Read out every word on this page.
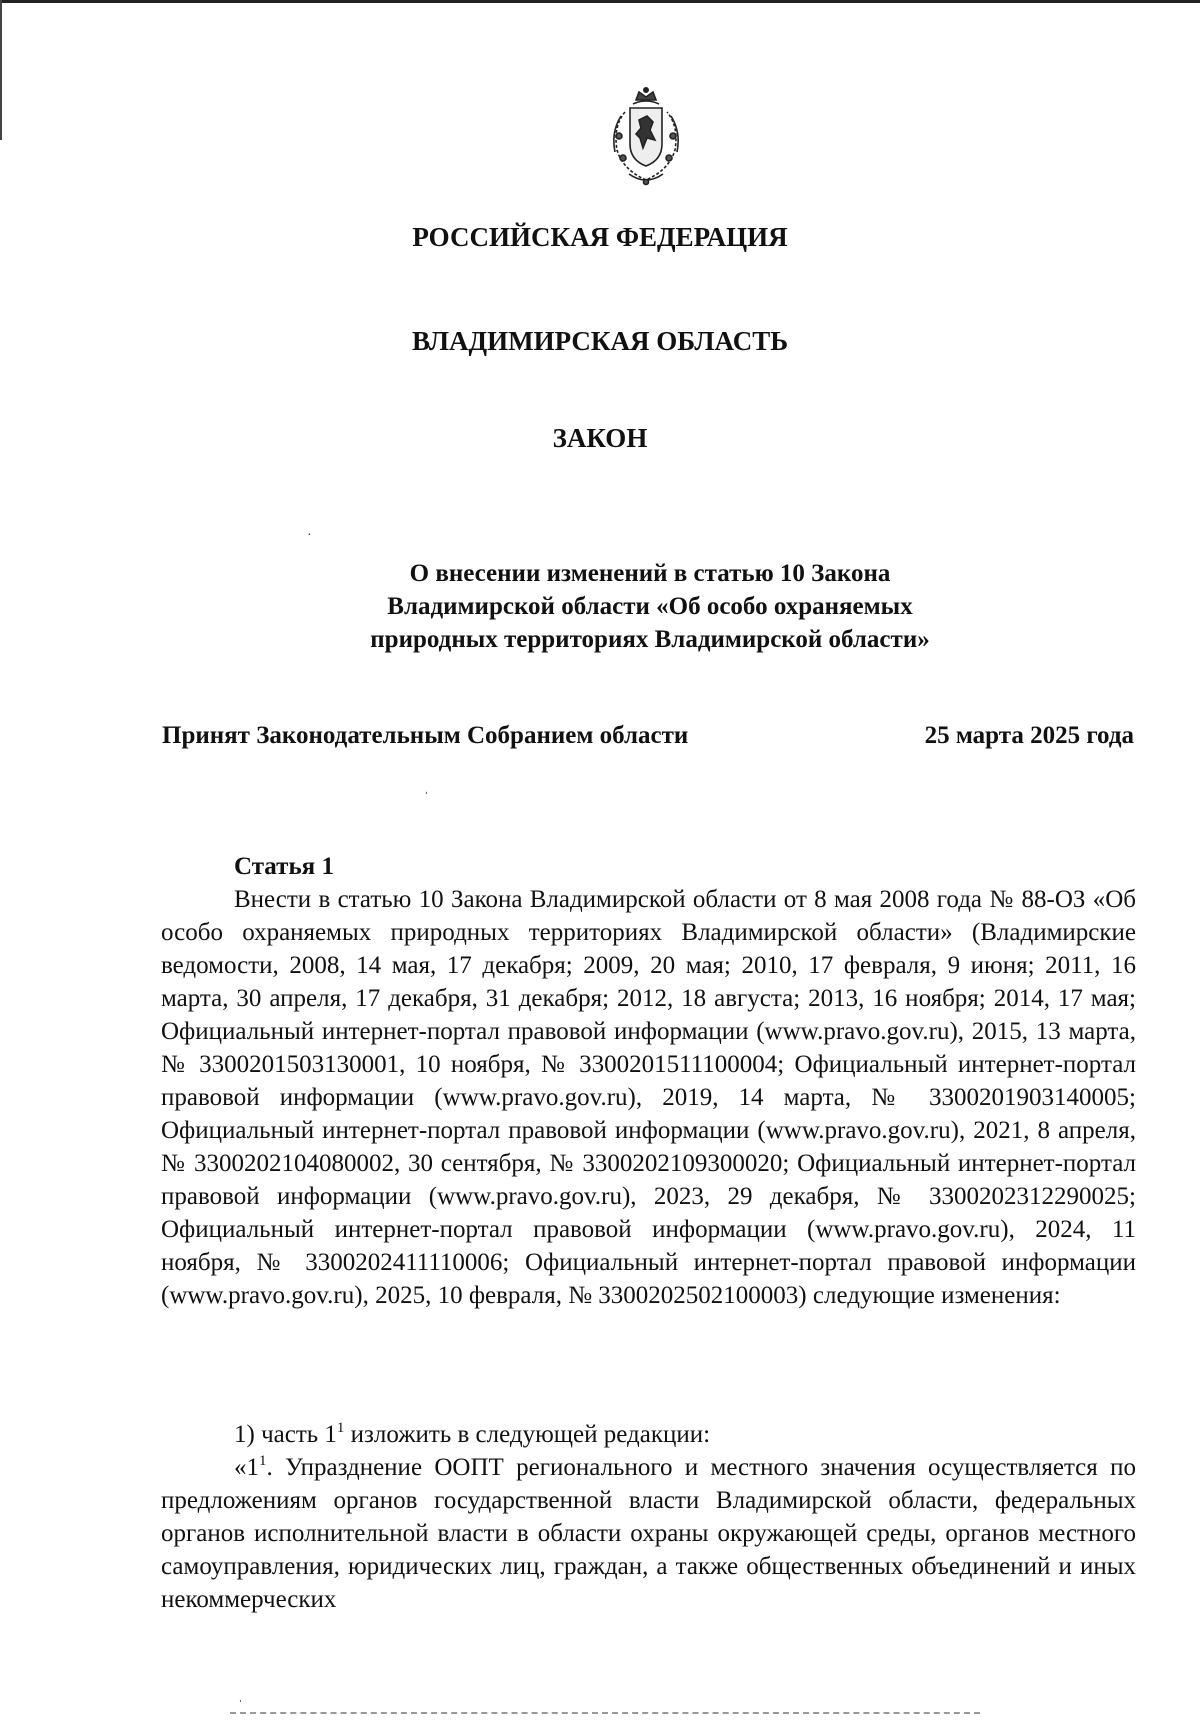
·
ˌ
ˌ
РОССИЙСКАЯ ФЕДЕРАЦИЯ
ВЛАДИМИРСКАЯ ОБЛАСТЬ
ЗАКОН
О внесении изменений в статью 10 Закона
Владимирской области «Об особо охраняемых
природных территориях Владимирской области»
Принят Законодательным Собранием области	25 марта 2025 года
Статья 1
Внести в статью 10 Закона Владимирской области от 8 мая 2008 года № 88-ОЗ «Об особо охраняемых природных территориях Владимирской области» (Владимирские ведомости, 2008, 14 мая, 17 декабря; 2009, 20 мая; 2010, 17 февраля, 9 июня; 2011, 16 марта, 30 апреля, 17 декабря, 31 декабря; 2012, 18 августа; 2013, 16 ноября; 2014, 17 мая; Официальный интернет-портал правовой информации (www.pravo.gov.ru), 2015, 13 марта, № 3300201503130001, 10 ноября, № 3300201511100004; Официальный интернет-портал правовой информации (www.pravo.gov.ru), 2019, 14 марта, № 3300201903140005; Официальный интернет-портал правовой информации (www.pravo.gov.ru), 2021, 8 апреля, № 3300202104080002, 30 сентября, № 3300202109300020; Официальный интернет-портал правовой информации (www.pravo.gov.ru), 2023, 29 декабря, № 3300202312290025; Официальный интернет-портал правовой информации (www.pravo.gov.ru), 2024, 11 ноября, № 3300202411110006; Официальный интернет-портал правовой информации (www.pravo.gov.ru), 2025, 10 февраля, № 3300202502100003) следующие изменения:
1) часть $1^1$ изложить в следующей редакции:
«$1^1$. Упразднение ООПТ регионального и местного значения осуществляется по предложениям органов государственной власти Владимирской области, федеральных органов исполнительной власти в области охраны окружающей среды, органов местного самоуправления, юридических лиц, граждан, а также общественных объединений и иных некоммерческих
